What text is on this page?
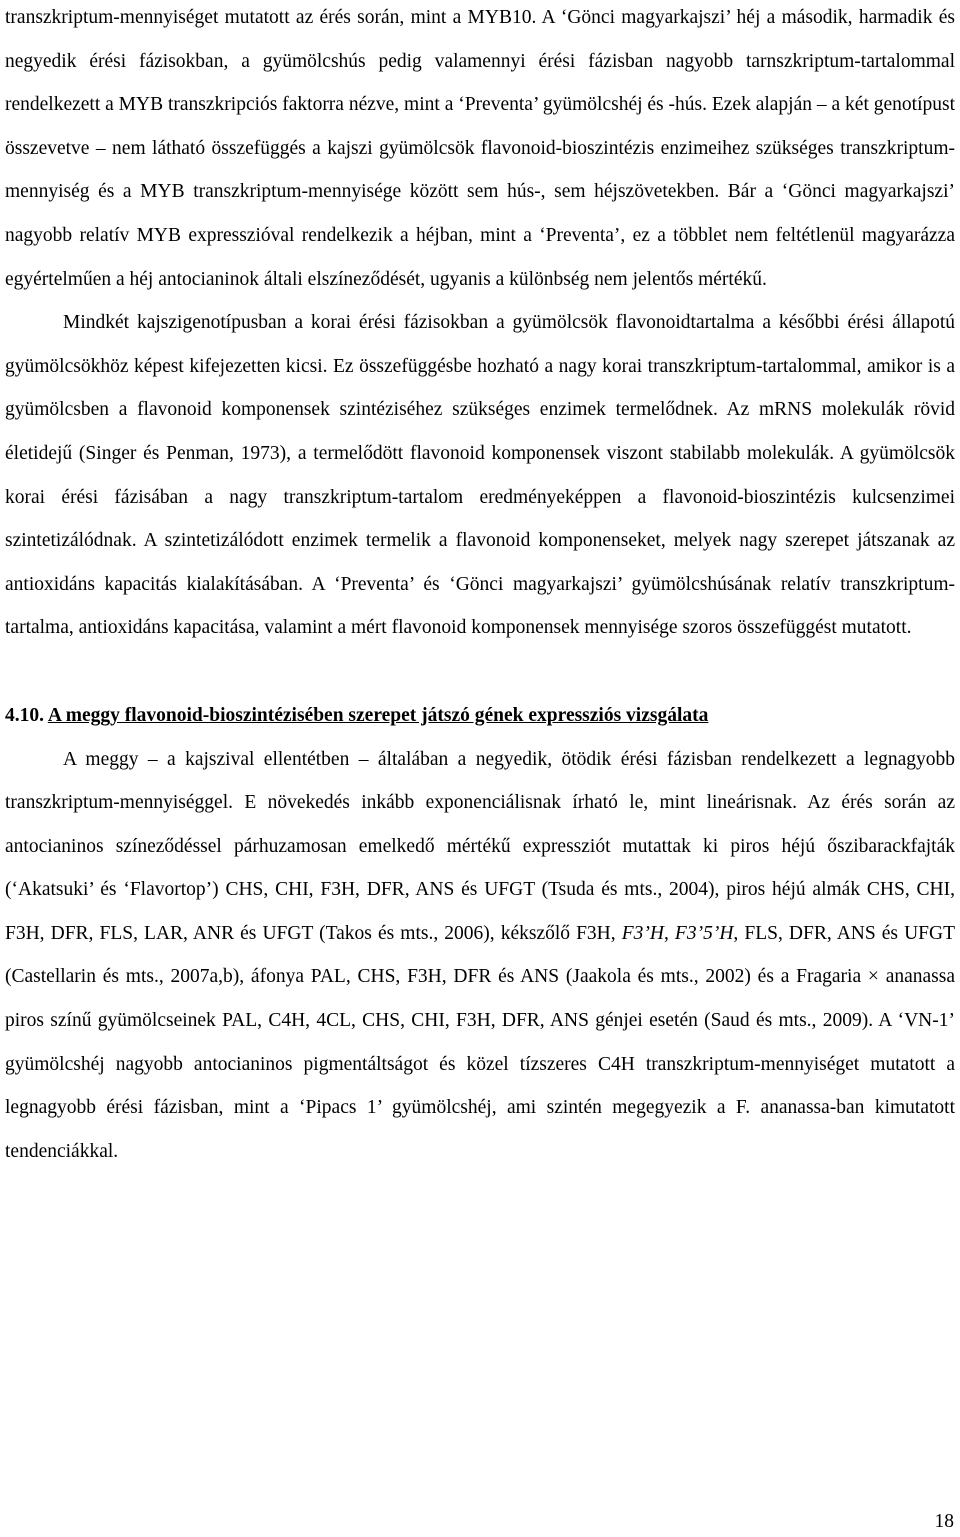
transzkriptum-mennyiséget mutatott az érés során, mint a MYB10. A ‘Gönci magyarkajszi’ héj a második, harmadik és negyedik érési fázisokban, a gyümölcshús pedig valamennyi érési fázisban nagyobb tarnszkriptum-tartalommal rendelkezett a MYB transzkripciós faktorra nézve, mint a ‘Preventa’ gyümölcshéj és -hús. Ezek alapján – a két genotípust összevetve – nem látható összefüggés a kajszi gyümölcsök flavonoid-bioszintézis enzimeihez szükséges transzkriptum-mennyiség és a MYB transzkriptum-mennyisége között sem hús-, sem héjszövetekben. Bár a ‘Gönci magyarkajszi’ nagyobb relatív MYB expresszióval rendelkezik a héjban, mint a ‘Preventa’, ez a többlet nem feltétlenül magyarázza egyértelműen a héj antocianinok általi elszíneződését, ugyanis a különbség nem jelentős mértékű.

Mindkét kajszigenotípusban a korai érési fázisokban a gyümölcsök flavonoidtartalma a későbbi érési állapotú gyümölcsökhöz képest kifejezetten kicsi. Ez összefüggésbe hozható a nagy korai transzkriptum-tartalommal, amikor is a gyümölcsben a flavonoid komponensek szintéziséhez szükséges enzimek termelődnek. Az mRNS molekulák rövid életidejű (Singer és Penman, 1973), a termelődött flavonoid komponensek viszont stabilabb molekulák. A gyümölcsök korai érési fázisában a nagy transzkriptum-tartalom eredményeképpen a flavonoid-bioszintézis kulcsenzimei szintetizálódnak. A szintetizálódott enzimek termelik a flavonoid komponenseket, melyek nagy szerepet játszanak az antioxidáns kapacitás kialakításában. A ‘Preventa’ és ‘Gönci magyarkajszi’ gyümölcshúsának relatív transzkriptum-tartalma, antioxidáns kapacitása, valamint a mért flavonoid komponensek mennyisége szoros összefüggést mutatott.

4.10. A meggy flavonoid-bioszintézisében szerepet játszó gének expressziós vizsgálata

A meggy – a kajszival ellentétben – általában a negyedik, ötödik érési fázisban rendelkezett a legnagyobb transzkriptum-mennyiséggel. E növekedés inkább exponenciálisnak írható le, mint lineárisnak. Az érés során az antocianinos színeződéssel párhuzamosan emelkedő mértékű expressziót mutattak ki piros héjú őszibarackfajták (‘Akatsuki’ és ‘Flavortop’) CHS, CHI, F3H, DFR, ANS és UFGT (Tsuda és mts., 2004), piros héjú almák CHS, CHI, F3H, DFR, FLS, LAR, ANR és UFGT (Takos és mts., 2006), kékszőlő F3H, F3’H, F3’5’H, FLS, DFR, ANS és UFGT (Castellarin és mts., 2007a,b), áfonya PAL, CHS, F3H, DFR és ANS (Jaakola és mts., 2002) és a Fragaria × ananassa piros színű gyümölcseinek PAL, C4H, 4CL, CHS, CHI, F3H, DFR, ANS génjei esetén (Saud és mts., 2009). A ‘VN-1’ gyümölcshéj nagyobb antocianinos pigmentáltságot és közel tízszeres C4H transzkriptum-mennyiséget mutatott a legnagyobb érési fázisban, mint a ‘Pipacs 1’ gyümölcshéj, ami szintén megegyezik a F. ananassa-ban kimutatott tendenciákkal.

18
